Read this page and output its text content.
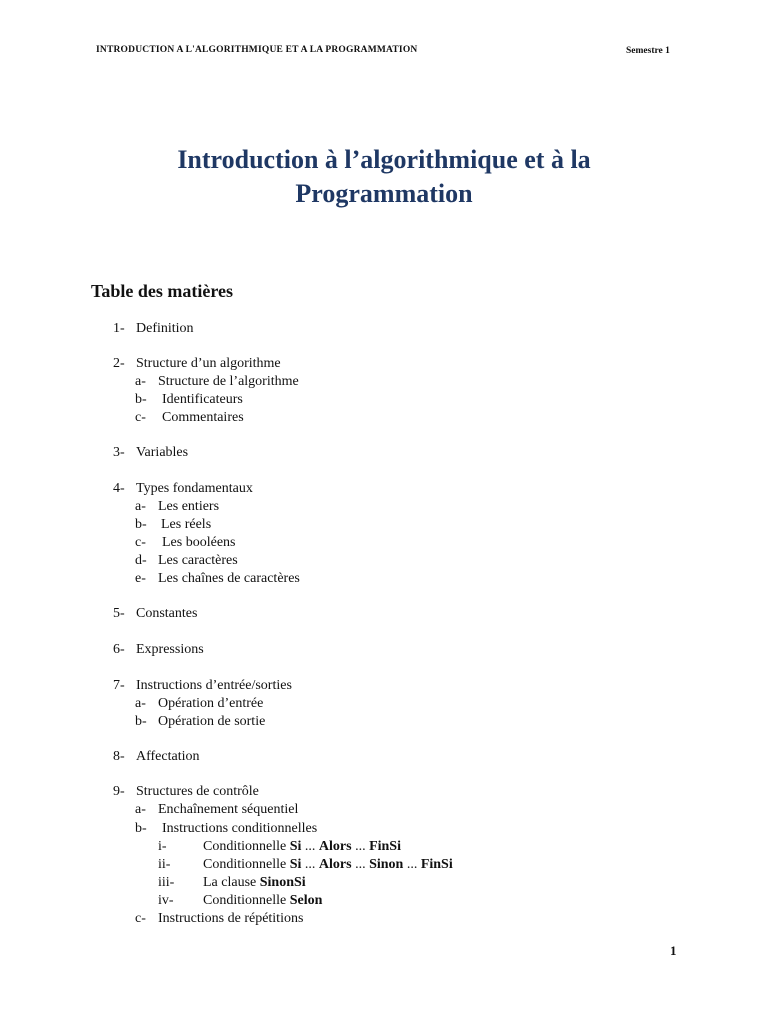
INTRODUCTION A L'ALGORITHMIQUE ET A LA PROGRAMMATION	Semestre 1
Introduction à l’algorithmique et à la
Programmation
Table des matières
1- Definition
2- Structure d’un algorithme
a- Structure de l’algorithme
b- Identificateurs
c- Commentaires
3- Variables
4- Types fondamentaux
a- Les entiers
b- Les réels
c- Les booléens
d- Les caractères
e- Les chaînes de caractères
5- Constantes
6- Expressions
7- Instructions d’entrée/sorties
a- Opération d’entrée
b- Opération de sortie
8- Affectation
9- Structures de contrôle
a- Enchaînement séquentiel
b- Instructions conditionnelles
i-	Conditionnelle Si ... Alors ... FinSi
ii- Conditionnelle Si ... Alors ... Sinon ... FinSi
iii- La clause SinonSi
iv- Conditionnelle Selon
c- Instructions de répétitions
1
